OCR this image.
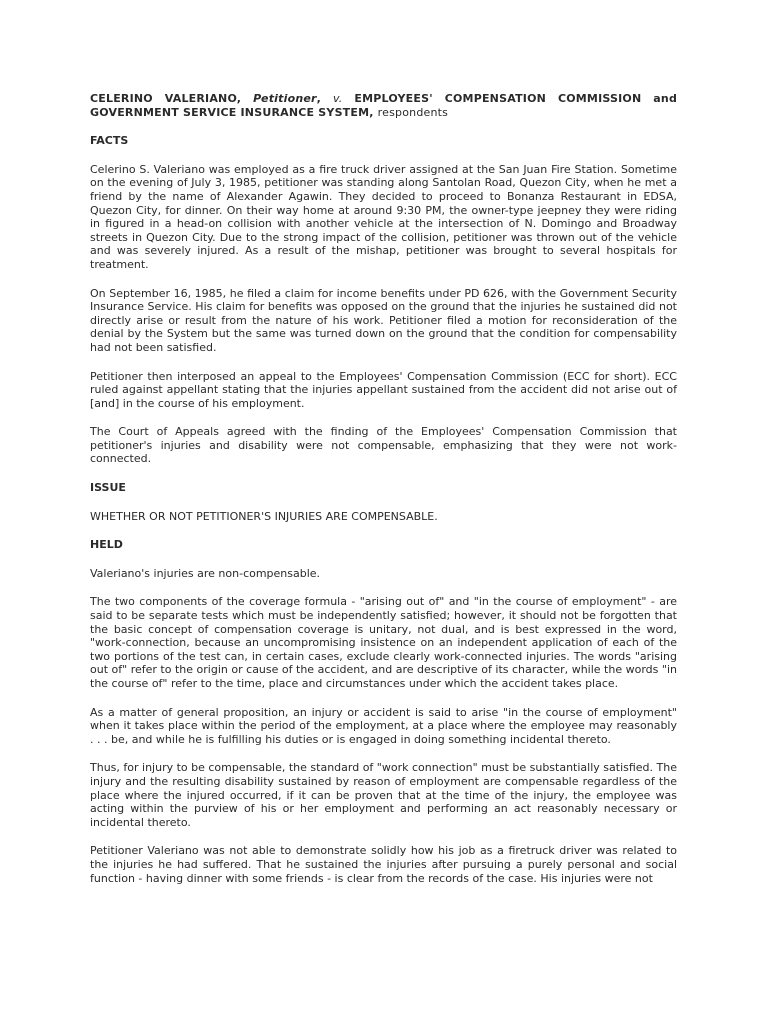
CELERINO VALERIANO, Petitioner, v. EMPLOYEES' COMPENSATION COMMISSION and GOVERNMENT SERVICE INSURANCE SYSTEM, respondents

FACTS

Celerino S. Valeriano was employed as a fire truck driver assigned at the San Juan Fire Station. Sometime on the evening of July 3, 1985, petitioner was standing along Santolan Road, Quezon City, when he met a friend by the name of Alexander Agawin. They decided to proceed to Bonanza Restaurant in EDSA, Quezon City, for dinner. On their way home at around 9:30 PM, the owner-type jeepney they were riding in figured in a head-on collision with another vehicle at the intersection of N. Domingo and Broadway streets in Quezon City. Due to the strong impact of the collision, petitioner was thrown out of the vehicle and was severely injured. As a result of the mishap, petitioner was brought to several hospitals for treatment.

On September 16, 1985, he filed a claim for income benefits under PD 626, with the Government Security Insurance Service. His claim for benefits was opposed on the ground that the injuries he sustained did not directly arise or result from the nature of his work. Petitioner filed a motion for reconsideration of the denial by the System but the same was turned down on the ground that the condition for compensability had not been satisfied.

Petitioner then interposed an appeal to the Employees' Compensation Commission (ECC for short). ECC ruled against appellant stating that the injuries appellant sustained from the accident did not arise out of [and] in the course of his employment.

The Court of Appeals agreed with the finding of the Employees' Compensation Commission that petitioner's injuries and disability were not compensable, emphasizing that they were not work-connected.

ISSUE

WHETHER OR NOT PETITIONER'S INJURIES ARE COMPENSABLE.

HELD

Valeriano's injuries are non-compensable.

The two components of the coverage formula - "arising out of" and "in the course of employment" - are said to be separate tests which must be independently satisfied; however, it should not be forgotten that the basic concept of compensation coverage is unitary, not dual, and is best expressed in the word, "work-connection, because an uncompromising insistence on an independent application of each of the two portions of the test can, in certain cases, exclude clearly work-connected injuries. The words "arising out of" refer to the origin or cause of the accident, and are descriptive of its character, while the words "in the course of" refer to the time, place and circumstances under which the accident takes place.

As a matter of general proposition, an injury or accident is said to arise "in the course of employment" when it takes place within the period of the employment, at a place where the employee may reasonably . . . be, and while he is fulfilling his duties or is engaged in doing something incidental thereto.

Thus, for injury to be compensable, the standard of "work connection" must be substantially satisfied. The injury and the resulting disability sustained by reason of employment are compensable regardless of the place where the injured occurred, if it can be proven that at the time of the injury, the employee was acting within the purview of his or her employment and performing an act reasonably necessary or incidental thereto.

Petitioner Valeriano was not able to demonstrate solidly how his job as a firetruck driver was related to the injuries he had suffered. That he sustained the injuries after pursuing a purely personal and social function - having dinner with some friends - is clear from the records of the case. His injuries were not
